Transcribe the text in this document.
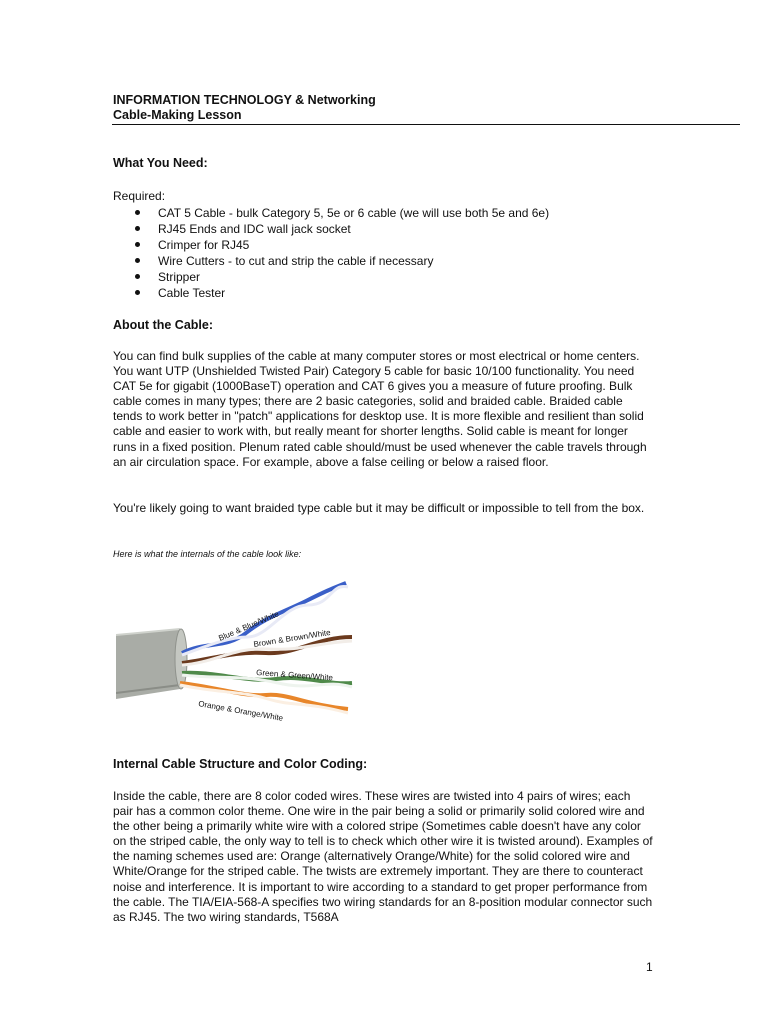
INFORMATION TECHNOLOGY & Networking
Cable-Making Lesson
What You Need:
Required:
CAT 5 Cable - bulk Category 5, 5e or 6 cable (we will use both 5e and 6e)
RJ45 Ends and IDC wall jack socket
Crimper for RJ45
Wire Cutters - to cut and strip the cable if necessary
Stripper
Cable Tester
About the Cable:
You can find bulk supplies of the cable at many computer stores or most electrical or home centers. You want UTP (Unshielded Twisted Pair) Category 5 cable for basic 10/100 functionality. You need CAT 5e for gigabit (1000BaseT) operation and CAT 6 gives you a measure of future proofing. Bulk cable comes in many types; there are 2 basic categories, solid and braided cable. Braided cable tends to work better in "patch" applications for desktop use. It is more flexible and resilient than solid cable and easier to work with, but really meant for shorter lengths. Solid cable is meant for longer runs in a fixed position. Plenum rated cable should/must be used whenever the cable travels through an air circulation space. For example, above a false ceiling or below a raised floor.
You're likely going to want braided type cable but it may be difficult or impossible to tell from the box.
Here is what the internals of the cable look like:
Blue & Blue/White
Brown & Brown/White
Green & Green/White
Orange & Orange/White
Internal Cable Structure and Color Coding:
Inside the cable, there are 8 color coded wires. These wires are twisted into 4 pairs of wires; each pair has a common color theme. One wire in the pair being a solid or primarily solid colored wire and the other being a primarily white wire with a colored stripe (Sometimes cable doesn't have any color on the striped cable, the only way to tell is to check which other wire it is twisted around). Examples of the naming schemes used are: Orange (alternatively Orange/White) for the solid colored wire and White/Orange for the striped cable. The twists are extremely important. They are there to counteract noise and interference. It is important to wire according to a standard to get proper performance from the cable. The TIA/EIA-568-A specifies two wiring standards for an 8-position modular connector such as RJ45. The two wiring standards, T568A
1
